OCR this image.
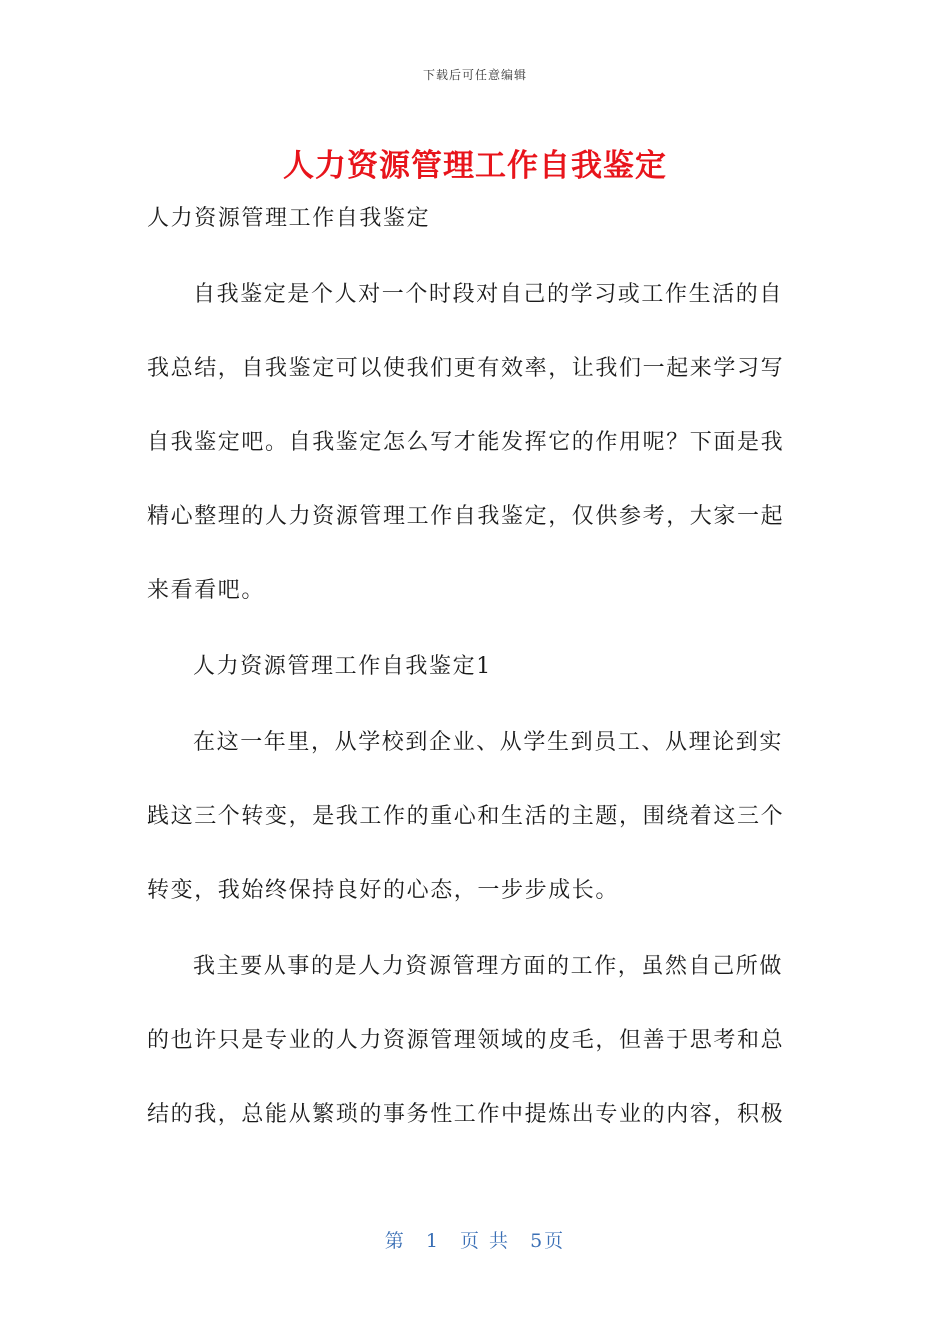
下载后可任意编辑
人力资源管理工作自我鉴定

人力资源管理工作自我鉴定

自我鉴定是个人对一个时段对自己的学习或工作生活的自

我总结，自我鉴定可以使我们更有效率，让我们一起来学习写

自我鉴定吧。自我鉴定怎么写才能发挥它的作用呢？下面是我

精心整理的人力资源管理工作自我鉴定，仅供参考，大家一起

来看看吧。

人力资源管理工作自我鉴定1

在这一年里，从学校到企业、从学生到员工、从理论到实

践这三个转变，是我工作的重心和生活的主题，围绕着这三个

转变，我始终保持良好的心态，一步步成长。

我主要从事的是人力资源管理方面的工作，虽然自己所做

的也许只是专业的人力资源管理领域的皮毛，但善于思考和总

结的我，总能从繁琐的事务性工作中提炼出专业的内容，积极

第 1 页 共 5页
